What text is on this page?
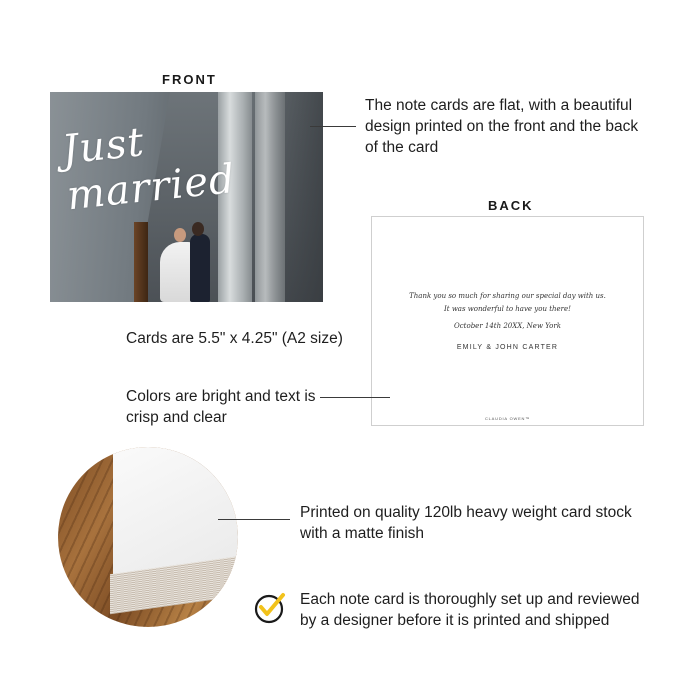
FRONT
Just married
The note cards are flat, with a beautiful
design printed on the front and the back
of the card
BACK
Thank you so much for sharing our special day with us.
It was wonderful to have you there!
October 14th 20XX, New York
EMILY & JOHN CARTER
CLAUDIA OWEN™
Cards are 5.5" x 4.25" (A2 size)
Colors are bright and text is
crisp and clear
Printed on quality 120lb heavy weight card stock
with a matte finish
Each note card is thoroughly set up and reviewed
by a designer before it is printed and shipped
